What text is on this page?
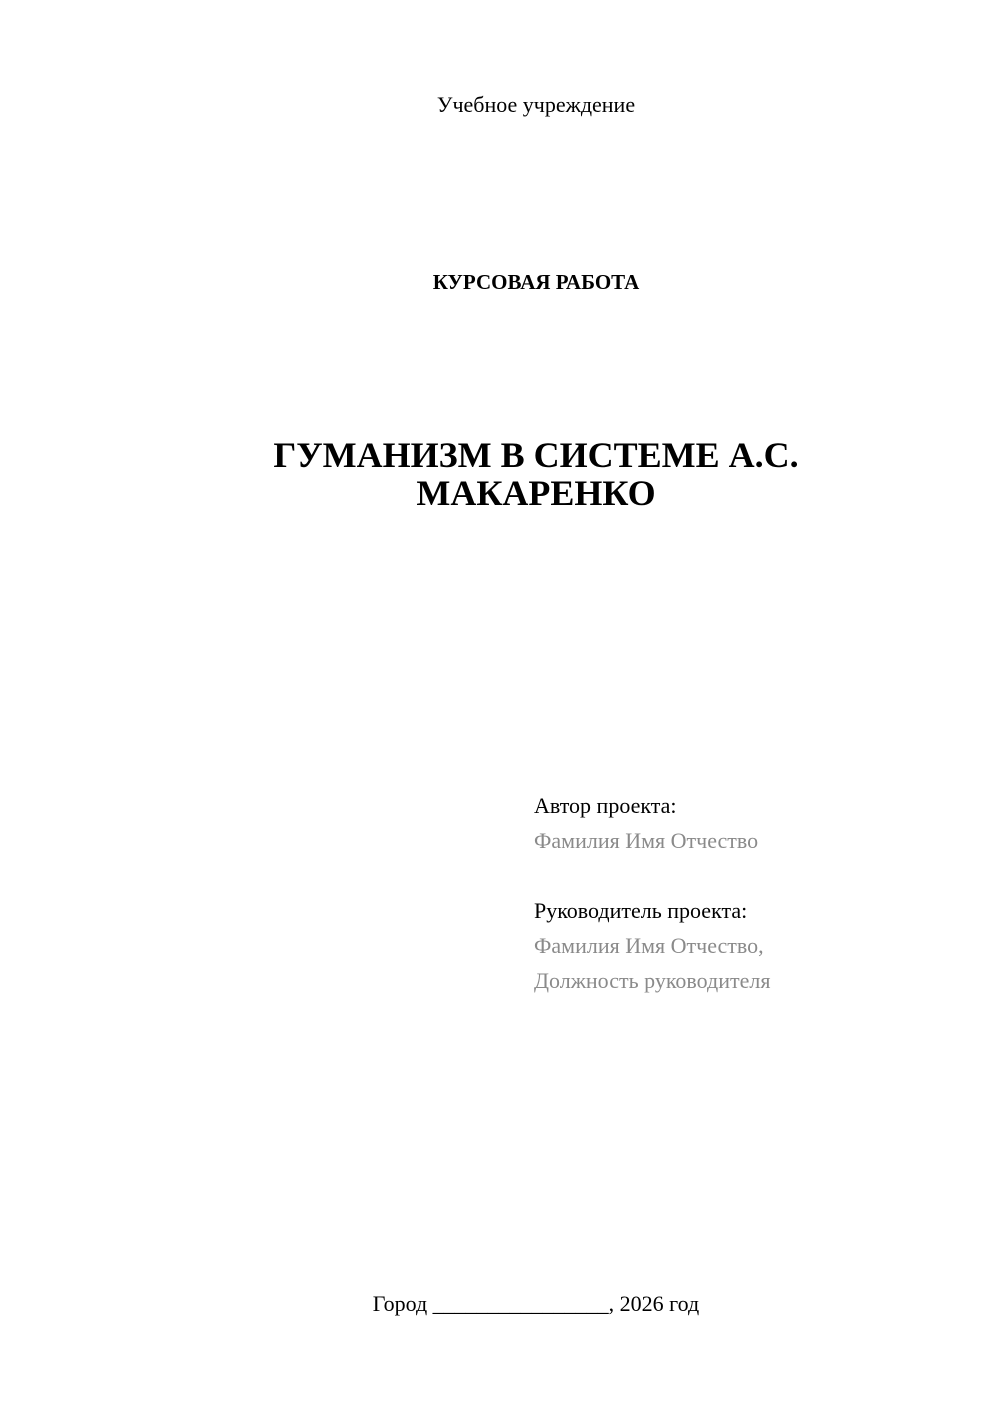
Учебное учреждение
КУРСОВАЯ РАБОТА
ГУМАНИЗМ В СИСТЕМЕ А.С.
МАКАРЕНКО
Автор проекта:
Фамилия Имя Отчество
Руководитель проекта:
Фамилия Имя Отчество,
Должность руководителя
Город ________________, 2026 год
